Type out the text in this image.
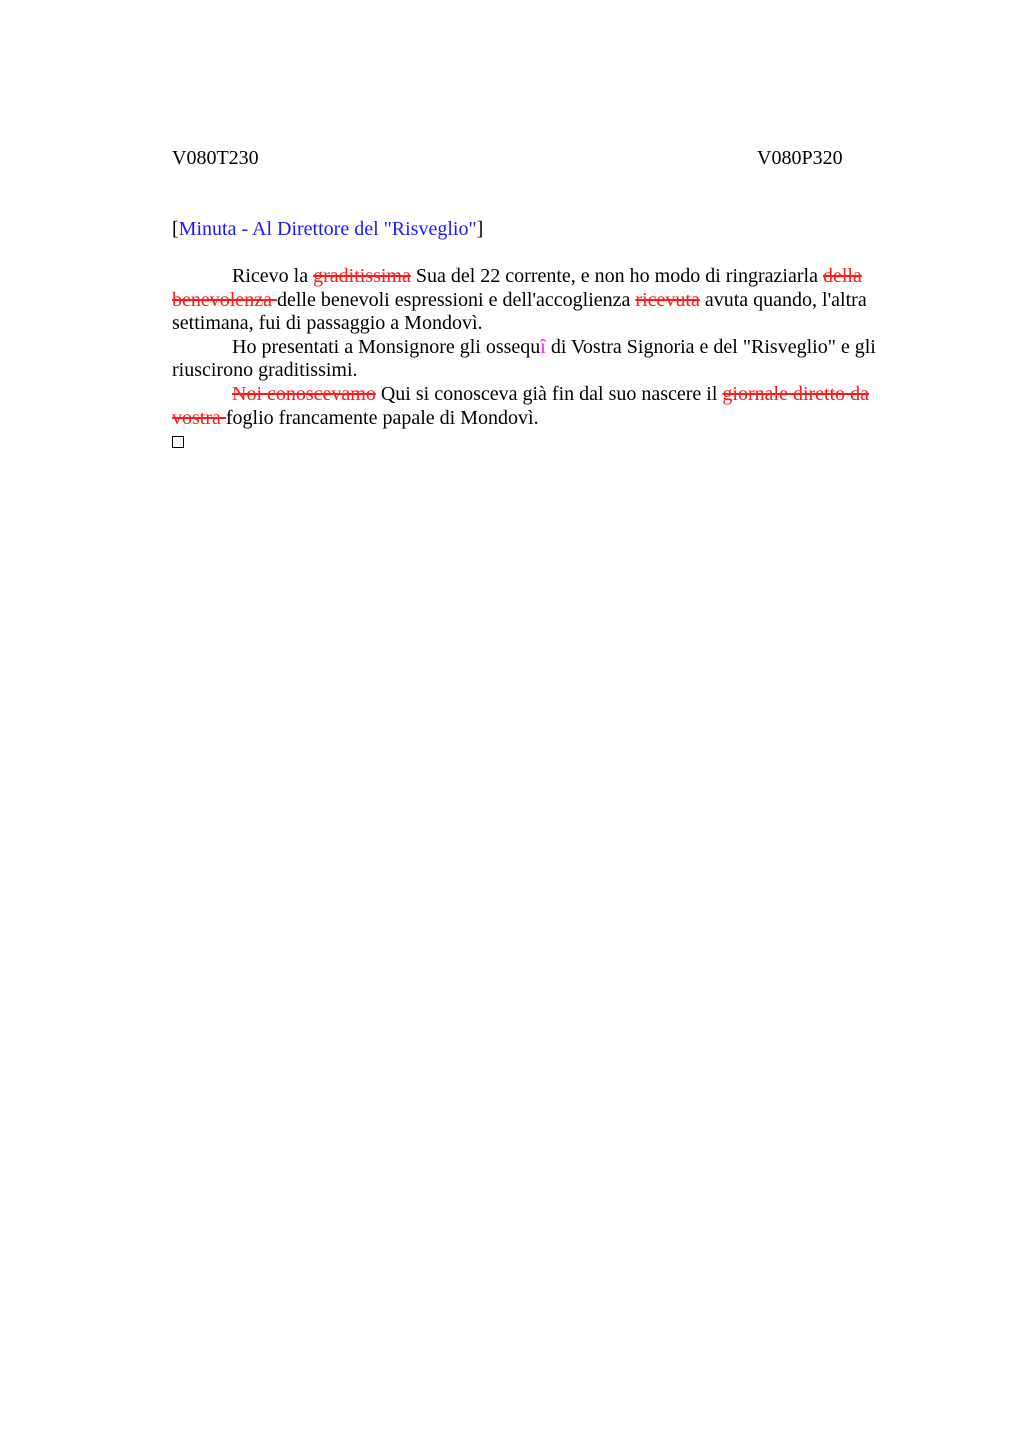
V080T230	V080P320
[Minuta - Al Direttore del "Risveglio"]

Ricevo la graditissima Sua del 22 corrente, e non ho modo di ringraziarla della benevolenza delle benevoli espressioni e dell'accoglienza ricevuta avuta quando, l'altra settimana, fui di passaggio a Mondovì.

Ho presentati a Monsignore gli ossequî di Vostra Signoria e del "Risveglio" e gli riuscirono graditissimi.

Noi conoscevamo Qui si conosceva già fin dal suo nascere il giornale diretto da vostra foglio francamente papale di Mondovì.
